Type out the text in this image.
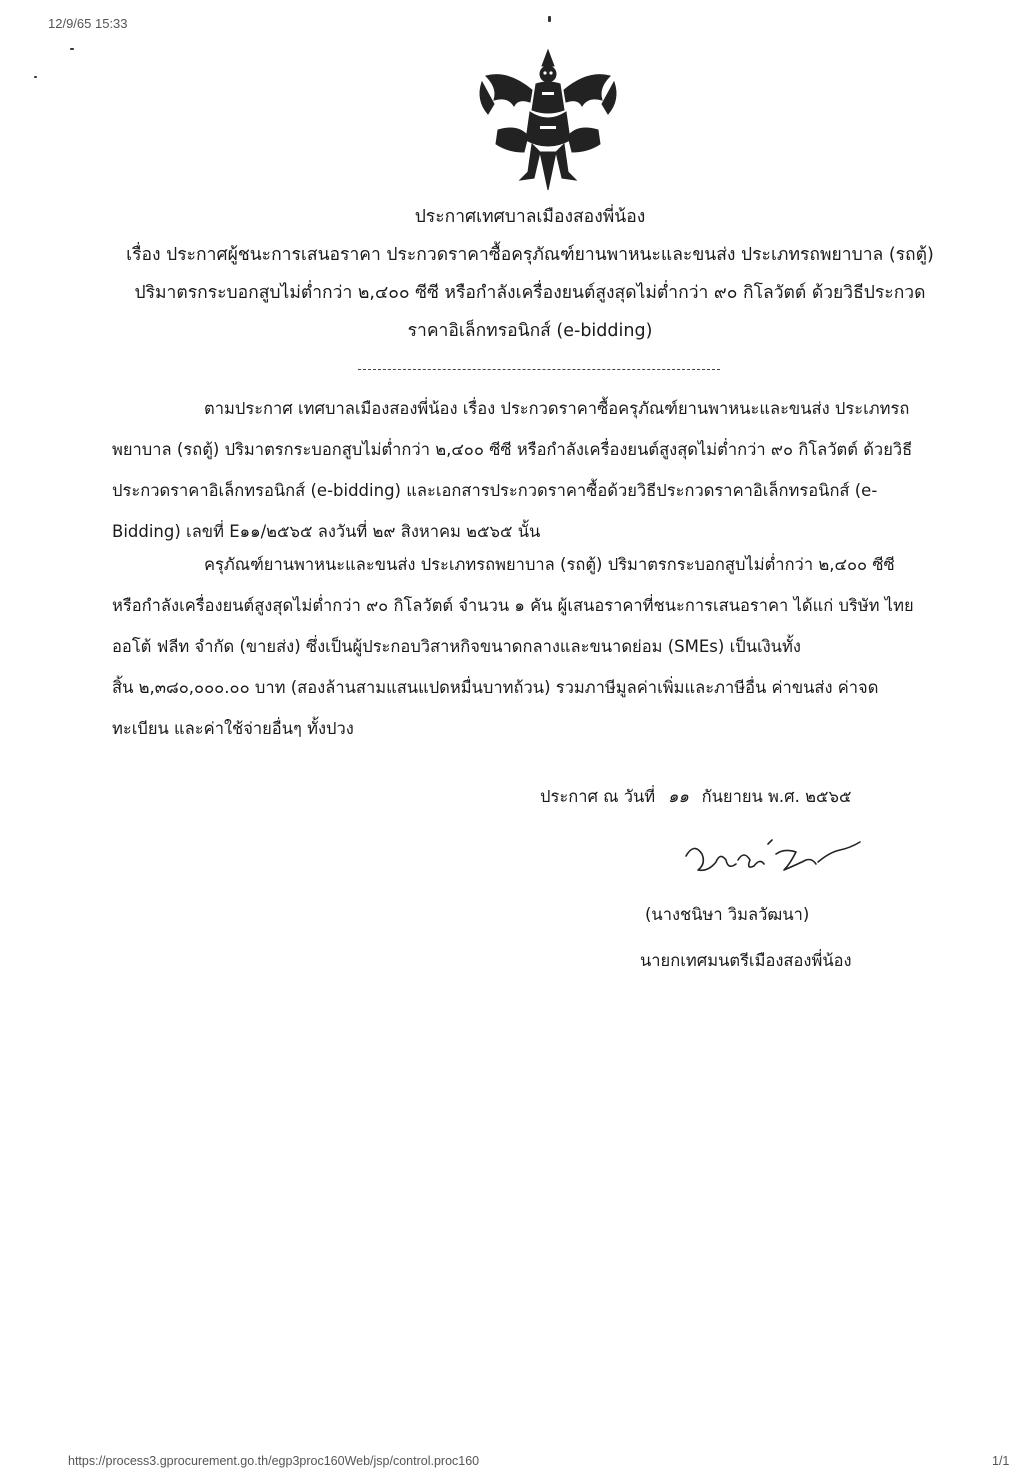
12/9/65 15:33
ประกาศเทศบาลเมืองสองพี่น้อง
เรื่อง ประกาศผู้ชนะการเสนอราคา ประกวดราคาซื้อครุภัณฑ์ยานพาหนะและขนส่ง ประเภทรถพยาบาล (รถตู้)
ปริมาตรกระบอกสูบไม่ต่ำกว่า ๒,๔๐๐ ซีซี หรือกำลังเครื่องยนต์สูงสุดไม่ต่ำกว่า ๙๐ กิโลวัตต์ ด้วยวิธีประกวด
ราคาอิเล็กทรอนิกส์ (e-bidding)
ตามประกาศ เทศบาลเมืองสองพี่น้อง เรื่อง ประกวดราคาซื้อครุภัณฑ์ยานพาหนะและขนส่ง ประเภทรถ
พยาบาล (รถตู้) ปริมาตรกระบอกสูบไม่ต่ำกว่า ๒,๔๐๐ ซีซี หรือกำลังเครื่องยนต์สูงสุดไม่ต่ำกว่า ๙๐ กิโลวัตต์ ด้วยวิธี
ประกวดราคาอิเล็กทรอนิกส์ (e-bidding) และเอกสารประกวดราคาซื้อด้วยวิธีประกวดราคาอิเล็กทรอนิกส์ (e-
Bidding) เลขที่ E๑๑/๒๕๖๕ ลงวันที่ ๒๙ สิงหาคม ๒๕๖๕ นั้น
ครุภัณฑ์ยานพาหนะและขนส่ง ประเภทรถพยาบาล (รถตู้) ปริมาตรกระบอกสูบไม่ต่ำกว่า ๒,๔๐๐ ซีซี
หรือกำลังเครื่องยนต์สูงสุดไม่ต่ำกว่า ๙๐ กิโลวัตต์ จำนวน ๑ คัน ผู้เสนอราคาที่ชนะการเสนอราคา ได้แก่ บริษัท ไทย
ออโต้ ฟลีท จำกัด (ขายส่ง) ซึ่งเป็นผู้ประกอบวิสาหกิจขนาดกลางและขนาดย่อม (SMEs) เป็นเงินทั้ง
สิ้น ๒,๓๘๐,๐๐๐.๐๐ บาท (สองล้านสามแสนแปดหมื่นบาทถ้วน) รวมภาษีมูลค่าเพิ่มและภาษีอื่น ค่าขนส่ง ค่าจด
ทะเบียน และค่าใช้จ่ายอื่นๆ ทั้งปวง
ประกาศ ณ วันที่ ๑๑ กันยายน พ.ศ. ๒๕๖๕
(นางชนิษา วิมลวัฒนา)
นายกเทศมนตรีเมืองสองพี่น้อง
https://process3.gprocurement.go.th/egp3proc160Web/jsp/control.proc160	1/1
